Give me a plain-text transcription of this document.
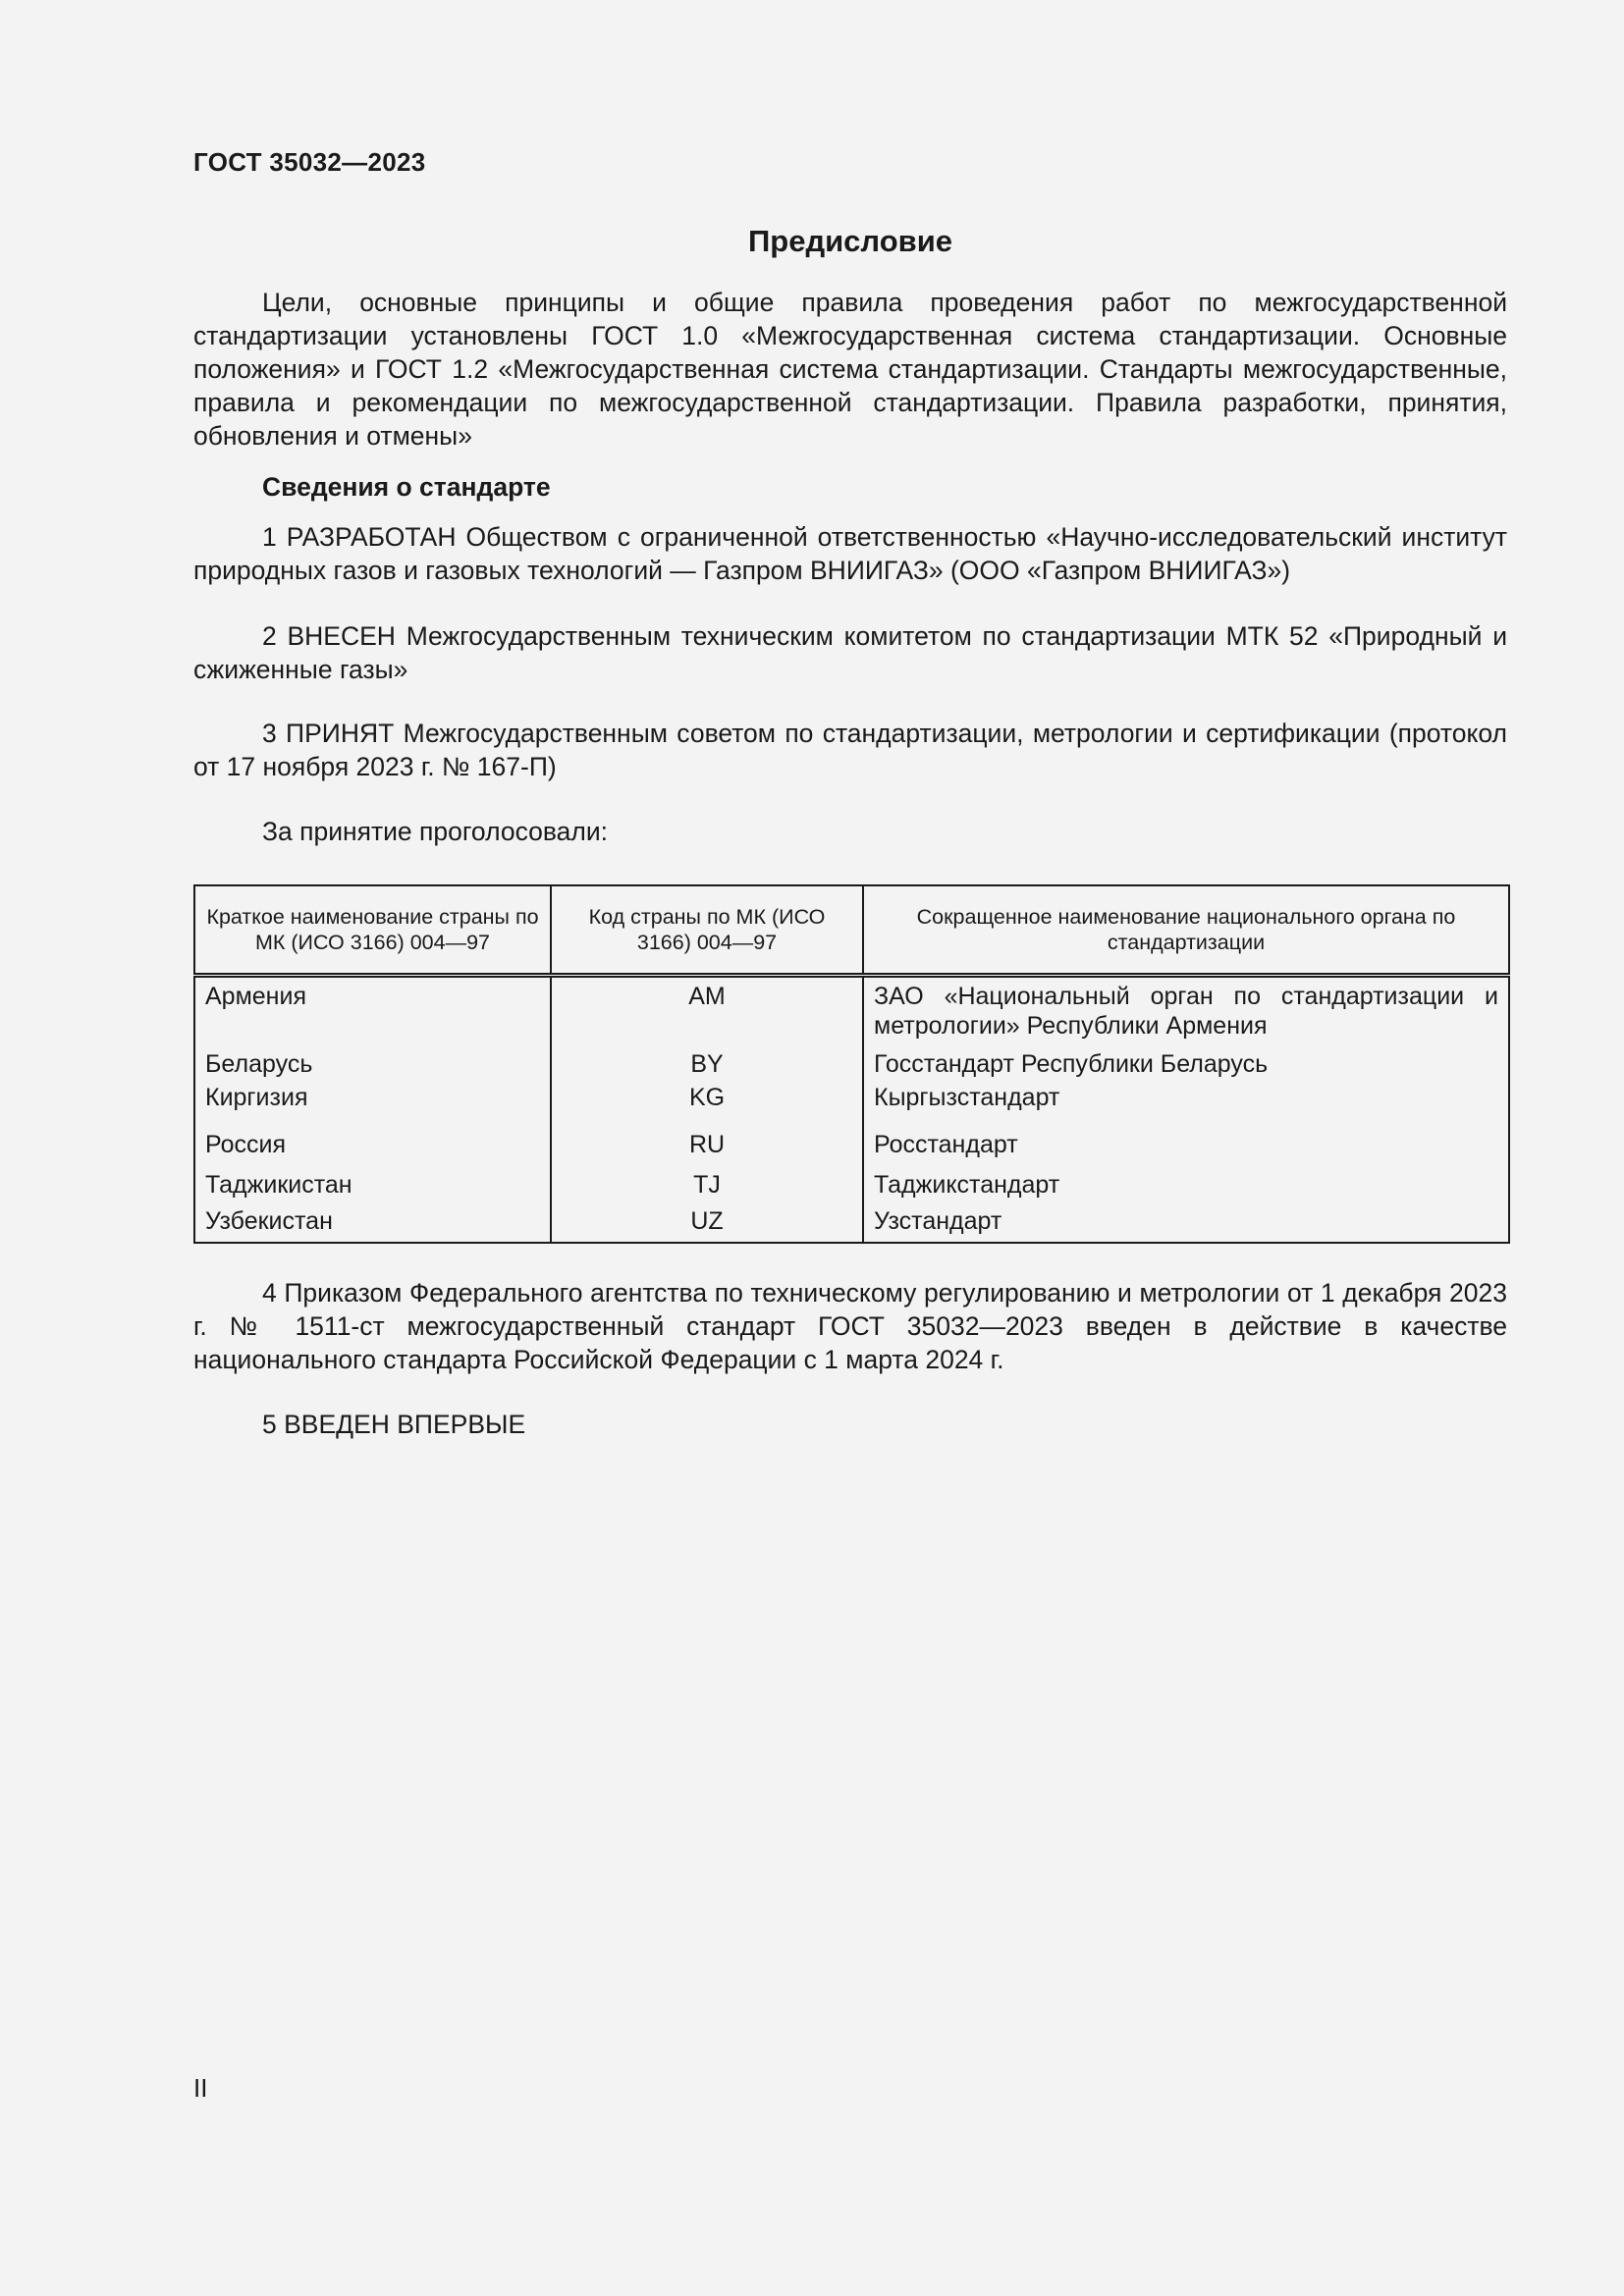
ГОСТ 35032—2023
Предисловие

Цели, основные принципы и общие правила проведения работ по межгосударственной стандартизации установлены ГОСТ 1.0 «Межгосударственная система стандартизации. Основные положения» и ГОСТ 1.2 «Межгосударственная система стандартизации. Стандарты межгосударственные, правила и рекомендации по межгосударственной стандартизации. Правила разработки, принятия, обновления и отмены»

Сведения о стандарте

1 РАЗРАБОТАН Обществом с ограниченной ответственностью «Научно-исследовательский институт природных газов и газовых технологий — Газпром ВНИИГАЗ» (ООО «Газпром ВНИИГАЗ»)

2 ВНЕСЕН Межгосударственным техническим комитетом по стандартизации МТК 52 «Природный и сжиженные газы»

3 ПРИНЯТ Межгосударственным советом по стандартизации, метрологии и сертификации (протокол от 17 ноября 2023 г. № 167-П)

За принятие проголосовали:
Краткое наименование страны по МК (ИСО 3166) 004—97	Код страны по МК (ИСО 3166) 004—97	Сокращенное наименование национального органа по стандартизации
Армения	AM	ЗАО «Национальный орган по стандартизации и метрологии» Республики Армения
Беларусь	BY	Госстандарт Республики Беларусь
Киргизия	KG	Кыргызстандарт
Россия	RU	Росстандарт
Таджикистан	TJ	Таджикстандарт
Узбекистан	UZ	Узстандарт

4 Приказом Федерального агентства по техническому регулированию и метрологии от 1 декабря 2023 г. № 1511-ст межгосударственный стандарт ГОСТ 35032—2023 введен в действие в качестве национального стандарта Российской Федерации с 1 марта 2024 г.

5 ВВЕДЕН ВПЕРВЫЕ

II
